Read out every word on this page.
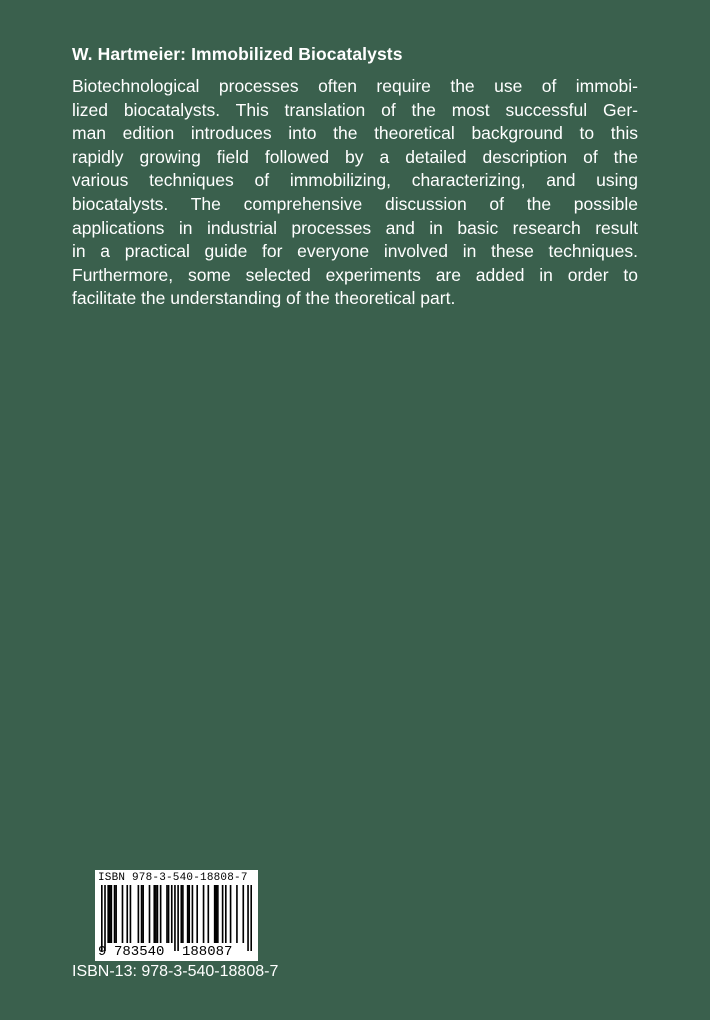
W. Hartmeier: Immobilized Biocatalysts
Biotechnological processes often require the use of immobi-
lized biocatalysts. This translation of the most successful Ger-
man edition introduces into the theoretical background to this
rapidly growing field followed by a detailed description of the
various techniques of immobilizing, characterizing, and using
biocatalysts. The comprehensive discussion of the possible
applications in industrial processes and in basic research result
in a practical guide for everyone involved in these techniques.
Furthermore, some selected experiments are added in order to
facilitate the understanding of the theoretical part.
ISBN 978-3-540-18808-7
9 783540 188087
ISBN-13: 978-3-540-18808-7
